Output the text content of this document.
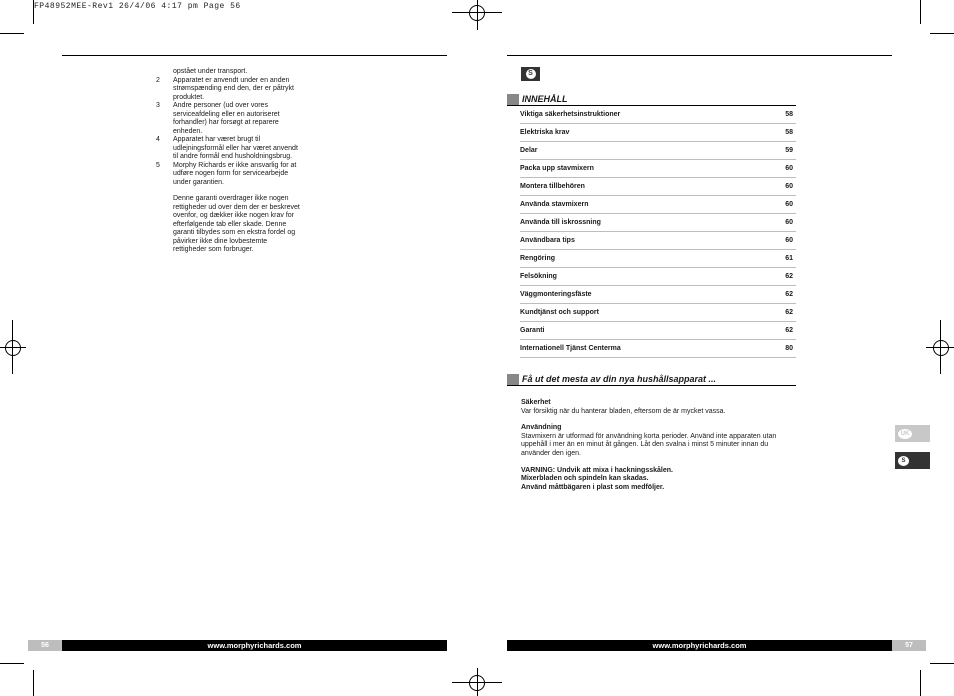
FP48952MEE-Rev1 26/4/06 4:17 pm Page 56
opstået under transport.
2	Apparatet er anvendt under en anden strømspænding end den, der er påtrykt produktet.
3	Andre personer (ud over vores serviceafdeling eller en autoriseret forhandler) har forsøgt at reparere enheden.
4	Apparatet har været brugt til udlejningsformål eller har været anvendt til andre formål end husholdningsbrug.
5	Morphy Richards er ikke ansvarlig for at udføre nogen form for servicearbejde under garantien.
Denne garanti overdrager ikke nogen rettigheder ud over dem der er beskrevet ovenfor, og dækker ikke nogen krav for efterfølgende tab eller skade. Denne garanti tilbydes som en ekstra fordel og påvirker ikke dine lovbestemte rettigheder som forbruger.
S
INNEHÅLL
Viktiga säkerhetsinstruktioner	58
Elektriska krav	58
Delar	59
Packa upp stavmixern	60
Montera tillbehören	60
Använda stavmixern	60
Använda till iskrossning	60
Användbara tips	60
Rengöring	61
Felsökning	62
Väggmonteringsfäste	62
Kundtjänst och support	62
Garanti	62
Internationell Tjänst Centerma	80
Få ut det mesta av din nya hushållsapparat ...
Säkerhet
Var försiktig när du hanterar bladen, eftersom de är mycket vassa.
Användning
Stavmixern är utformad för användning korta perioder. Använd inte apparaten utan uppehåll i mer än en minut åt gången. Låt den svalna i minst 5 minuter innan du använder den igen.
VARNING: Undvik att mixa i hackningsskålen.
Mixerbladen och spindeln kan skadas.
Använd måttbägaren i plast som medföljer.
UK
S
56	www.morphyrichards.com	www.morphyrichards.com	57
